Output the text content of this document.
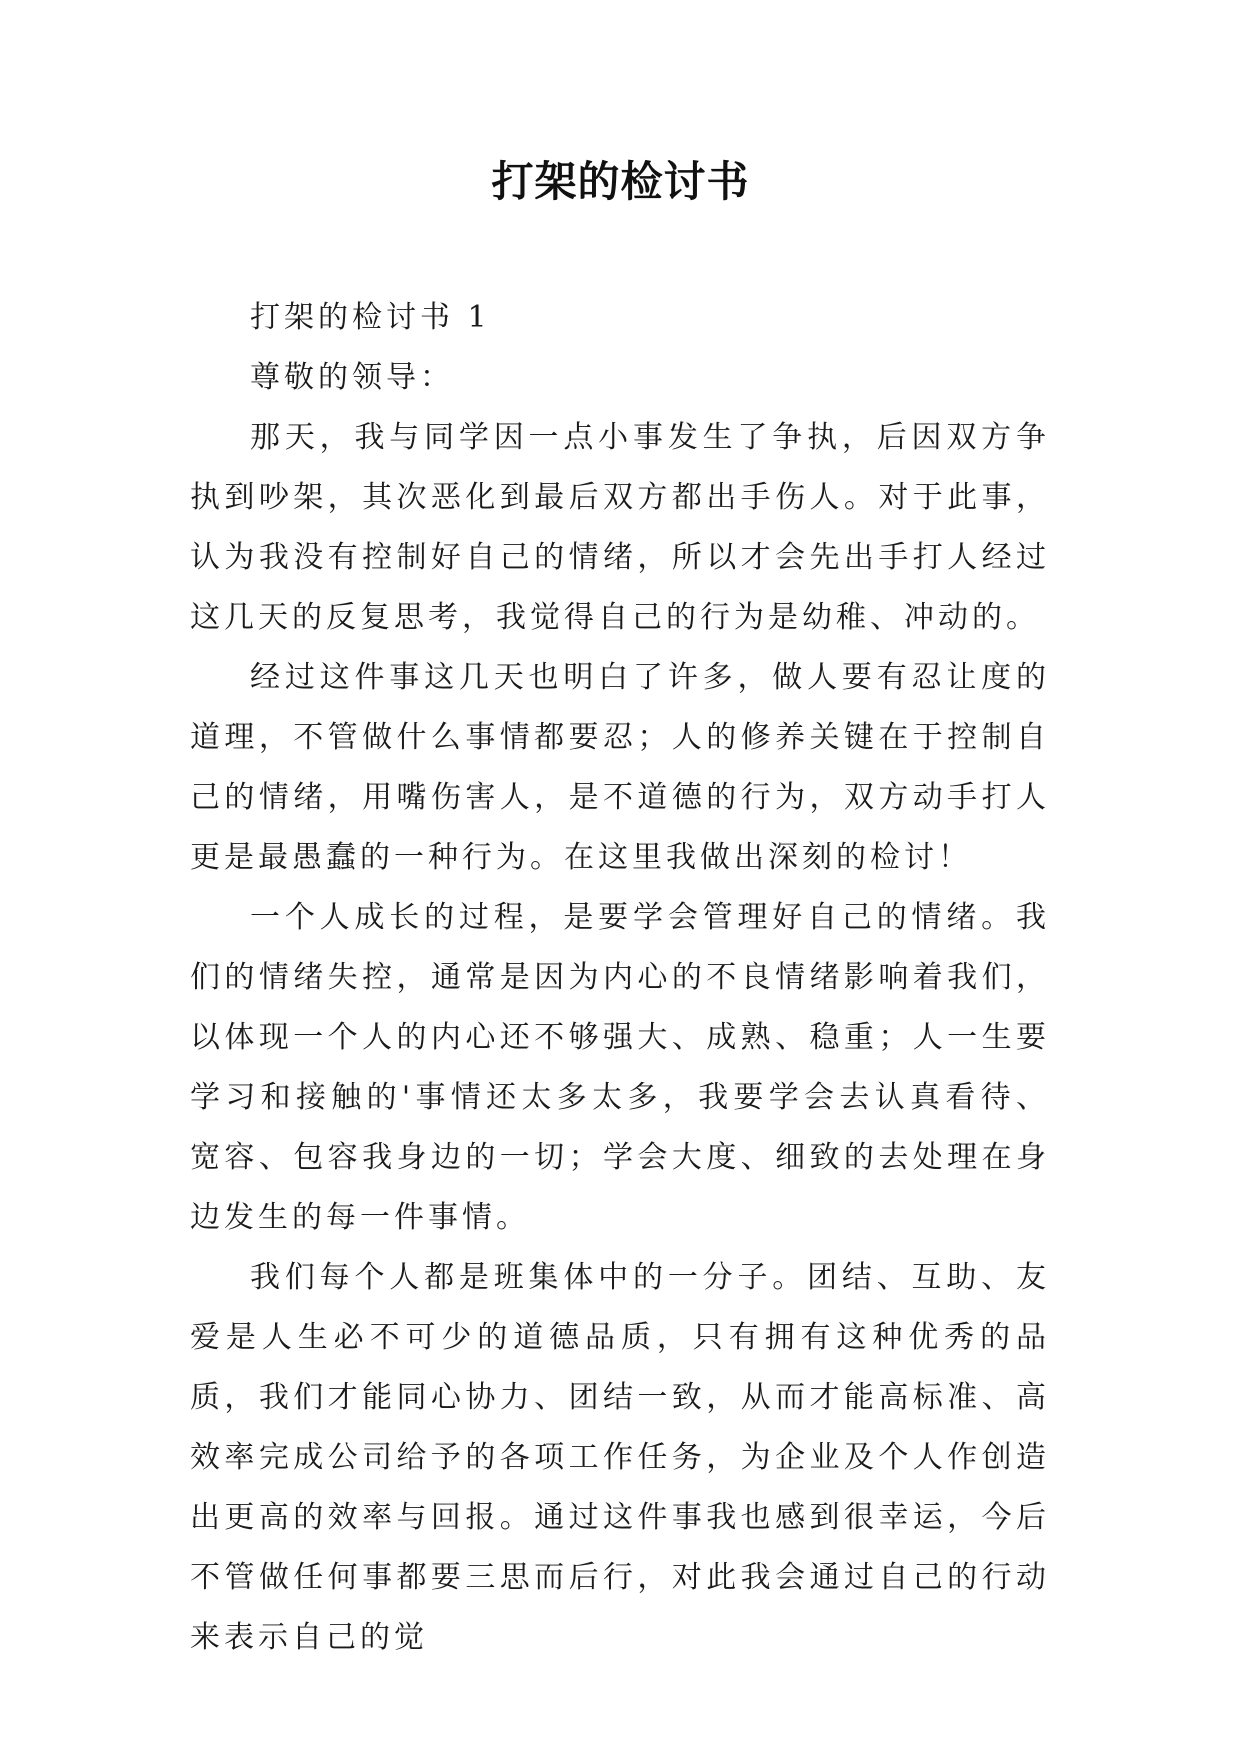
打架的检讨书

打架的检讨书 1

尊敬的领导：

那天，我与同学因一点小事发生了争执，后因双方争执到吵架，其次恶化到最后双方都出手伤人。对于此事，认为我没有控制好自己的情绪，所以才会先出手打人经过这几天的反复思考，我觉得自己的行为是幼稚、冲动的。

经过这件事这几天也明白了许多，做人要有忍让度的道理，不管做什么事情都要忍；人的修养关键在于控制自己的情绪，用嘴伤害人，是不道德的行为，双方动手打人更是最愚蠢的一种行为。在这里我做出深刻的检讨！

一个人成长的过程，是要学会管理好自己的情绪。我们的情绪失控，通常是因为内心的不良情绪影响着我们，以体现一个人的内心还不够强大、成熟、稳重；人一生要学习和接触的'事情还太多太多，我要学会去认真看待、宽容、包容我身边的一切；学会大度、细致的去处理在身边发生的每一件事情。

我们每个人都是班集体中的一分子。团结、互助、友爱是人生必不可少的道德品质，只有拥有这种优秀的品质，我们才能同心协力、团结一致，从而才能高标准、高效率完成公司给予的各项工作任务，为企业及个人作创造出更高的效率与回报。通过这件事我也感到很幸运，今后不管做任何事都要三思而后行，对此我会通过自己的行动来表示自己的觉
